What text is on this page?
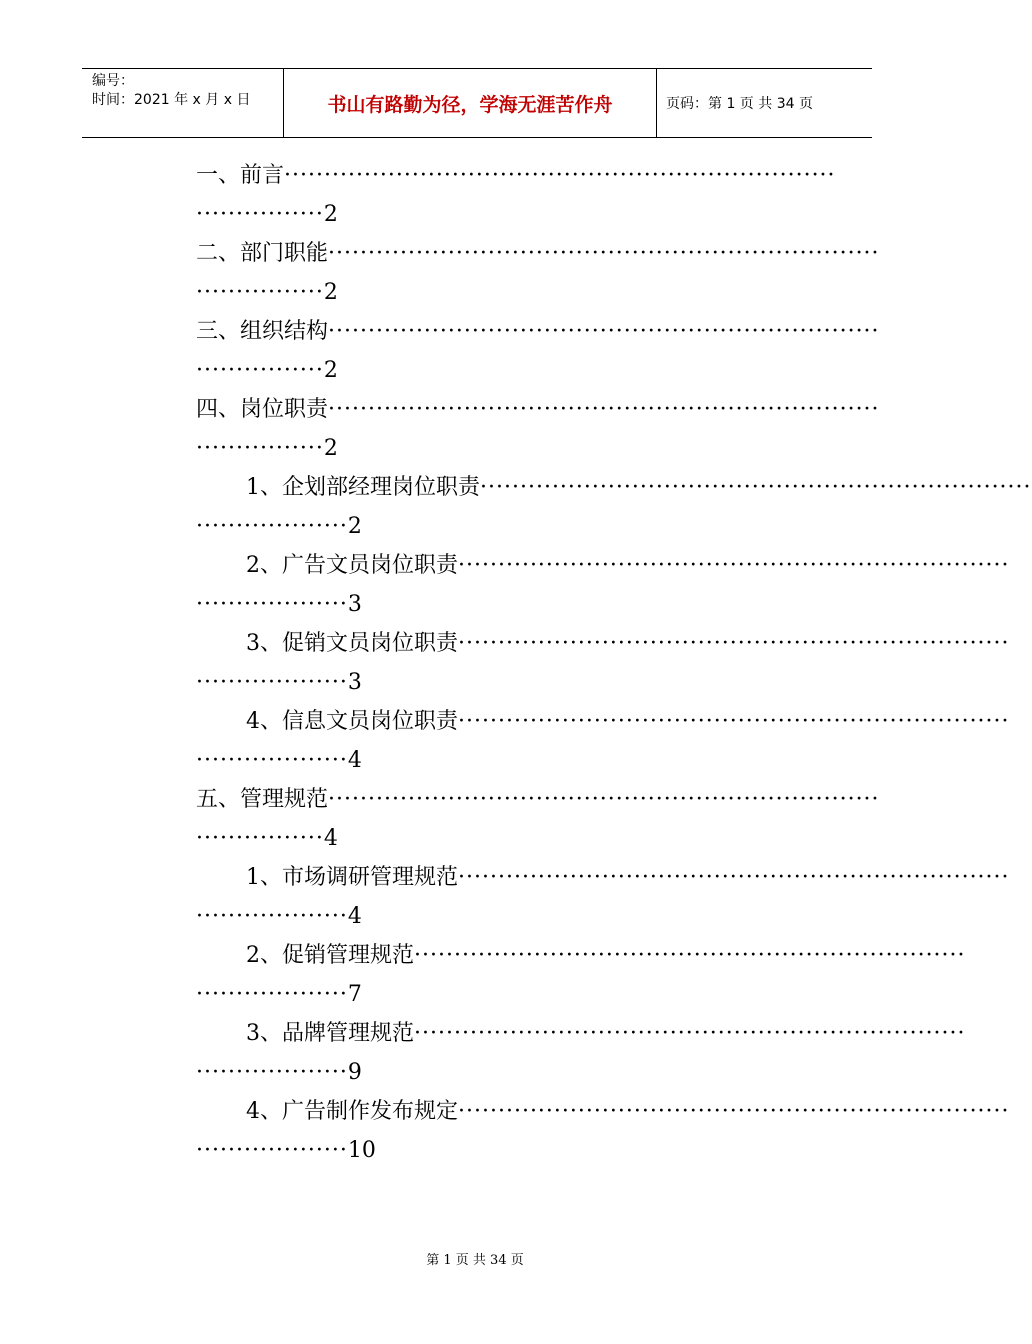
编号：
时间：2021 年 x 月 x 日	书山有路勤为径，学海无涯苦作舟	页码：第 1 页 共 34 页
一、前言 ·····································································
················2
二、部门职能 ·····································································
················2
三、组织结构 ·····································································
················2
四、岗位职责 ·····································································
················2
1、企划部经理岗位职责 ·····································································
···················2
2、广告文员岗位职责 ·····································································
···················3
3、促销文员岗位职责 ·····································································
···················3
4、信息文员岗位职责 ·····································································
···················4
五、管理规范 ·····································································
················4
1、市场调研管理规范 ·····································································
···················4
2、促销管理规范 ·····································································
···················7
3、品牌管理规范 ·····································································
···················9
4、广告制作发布规定 ·····································································
···················10
第 1 页 共 34 页
